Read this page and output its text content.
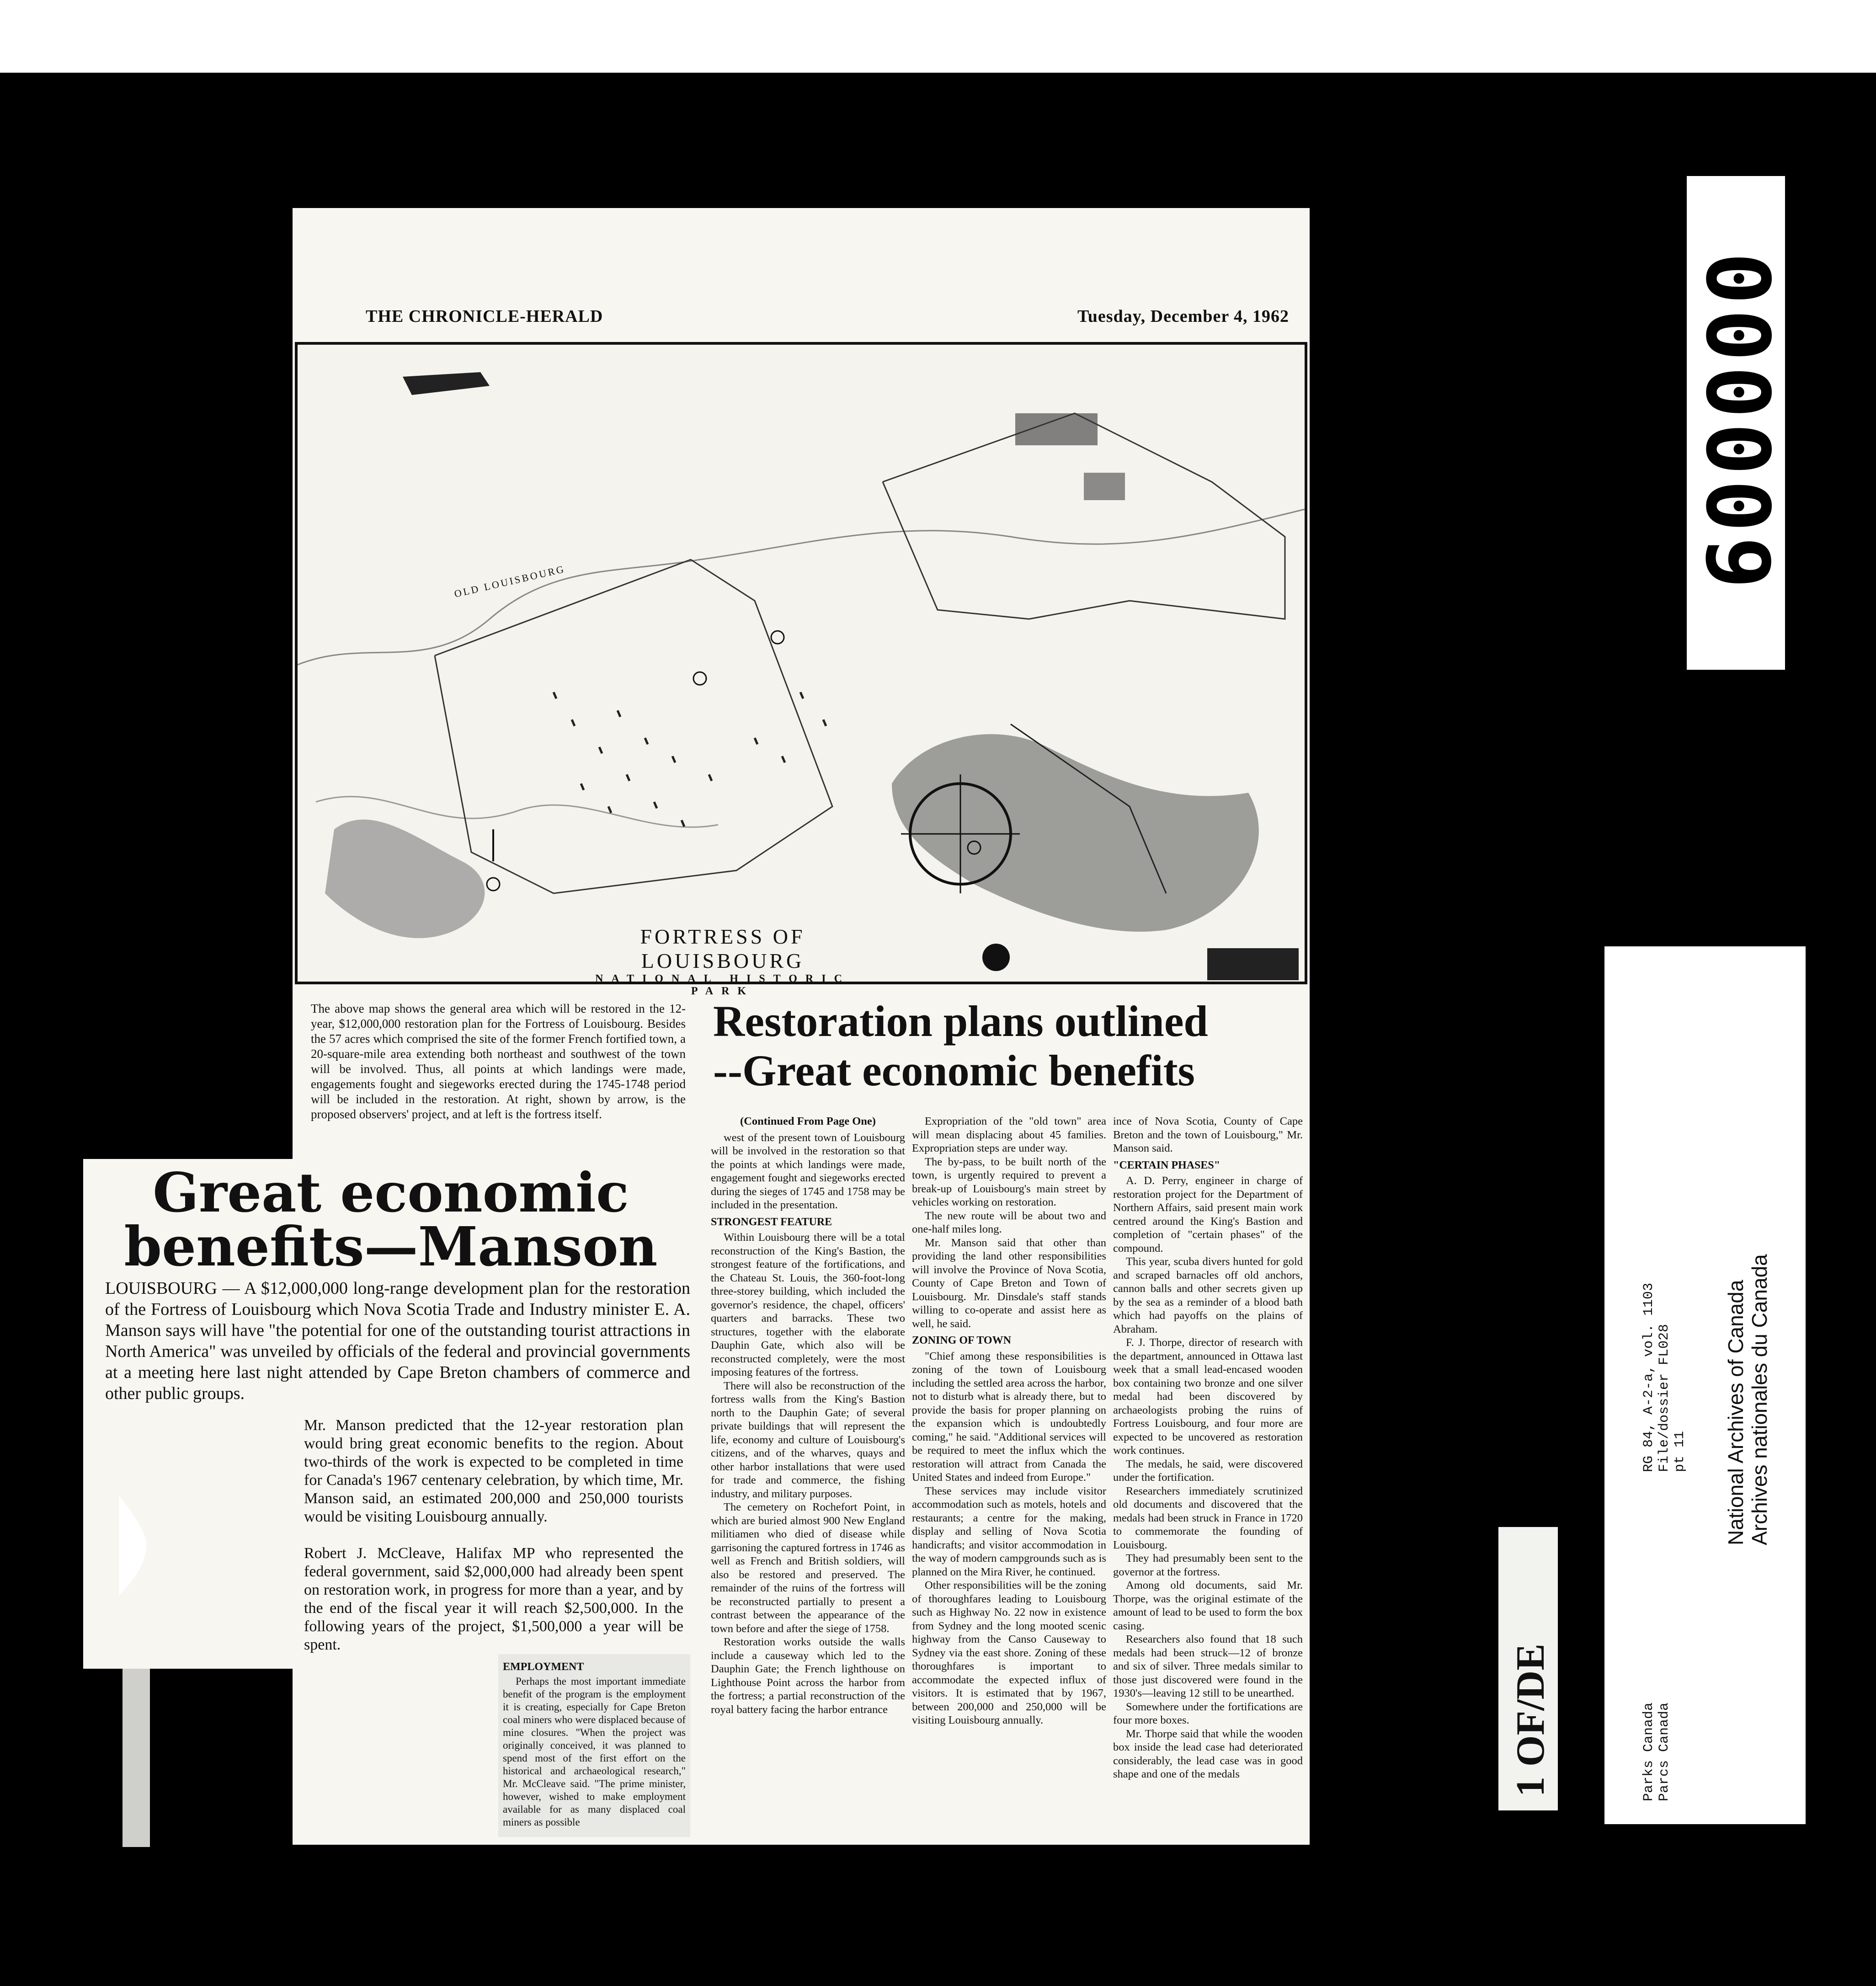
THE CHRONICLE-HERALD	Tuesday, December 4, 1962
OLD LOUISBOURG
FORTRESS OF LOUISBOURG
NATIONAL HISTORIC PARK
The above map shows the general area which will be restored in the 12-year, $12,000,000 restoration plan for the Fortress of Louisbourg. Besides the 57 acres which comprised the site of the former French fortified town, a 20-square-mile area extending both northeast and southwest of the town will be involved. Thus, all points at which landings were made, engagements fought and siegeworks erected during the 1745-1748 period will be included in the restoration. At right, shown by arrow, is the proposed observers' project, and at left is the fortress itself.
Restoration plans outlined
--Great economic benefits

(Continued From Page One)

west of the present town of Louisbourg will be involved in the restoration so that the points at which landings were made, engagement fought and siegeworks erected during the sieges of 1745 and 1758 may be included in the presentation.

STRONGEST FEATURE

Within Louisbourg there will be a total reconstruction of the King's Bastion, the strongest feature of the fortifications, and the Chateau St. Louis, the 360-foot-long three-storey building, which included the governor's residence, the chapel, officers' quarters and barracks. These two structures, together with the elaborate Dauphin Gate, which also will be reconstructed completely, were the most imposing features of the fortress.

There will also be reconstruction of the fortress walls from the King's Bastion north to the Dauphin Gate; of several private buildings that will represent the life, economy and culture of Louisbourg's citizens, and of the wharves, quays and other harbor installations that were used for trade and commerce, the fishing industry, and military purposes.

The cemetery on Rochefort Point, in which are buried almost 900 New England militiamen who died of disease while garrisoning the captured fortress in 1746 as well as French and British soldiers, will also be restored and preserved. The remainder of the ruins of the fortress will be reconstructed partially to present a contrast between the appearance of the town before and after the siege of 1758.

Restoration works outside the walls include a causeway which led to the Dauphin Gate; the French lighthouse on Lighthouse Point across the harbor from the fortress; a partial reconstruction of the royal battery facing the harbor entrance

Expropriation of the "old town" area will mean displacing about 45 families. Expropriation steps are under way.

The by-pass, to be built north of the town, is urgently required to prevent a break-up of Louisbourg's main street by vehicles working on restoration.

The new route will be about two and one-half miles long.

Mr. Manson said that other than providing the land other responsibilities will involve the Province of Nova Scotia, County of Cape Breton and Town of Louisbourg. Mr. Dinsdale's staff stands willing to co-operate and assist here as well, he said.

ZONING OF TOWN

"Chief among these responsibilities is zoning of the town of Louisbourg including the settled area across the harbor, not to disturb what is already there, but to provide the basis for proper planning on the expansion which is undoubtedly coming," he said. "Additional services will be required to meet the influx which the restoration will attract from Canada the United States and indeed from Europe."

These services may include visitor accommodation such as motels, hotels and restaurants; a centre for the making, display and selling of Nova Scotia handicrafts; and visitor accommodation in the way of modern campgrounds such as is planned on the Mira River, he continued.

Other responsibilities will be the zoning of thoroughfares leading to Louisbourg such as Highway No. 22 now in existence from Sydney and the long mooted scenic highway from the Canso Causeway to Sydney via the east shore. Zoning of these thoroughfares is important to accommodate the expected influx of visitors. It is estimated that by 1967, between 200,000 and 250,000 will be visiting Louisbourg annually.

ince of Nova Scotia, County of Cape Breton and the town of Louisbourg," Mr. Manson said.

"CERTAIN PHASES"

A. D. Perry, engineer in charge of restoration project for the Department of Northern Affairs, said present main work centred around the King's Bastion and completion of "certain phases" of the compound.

This year, scuba divers hunted for gold and scraped barnacles off old anchors, cannon balls and other secrets given up by the sea as a reminder of a blood bath which had payoffs on the plains of Abraham.

F. J. Thorpe, director of research with the department, announced in Ottawa last week that a small lead-encased wooden box containing two bronze and one silver medal had been discovered by archaeologists probing the ruins of Fortress Louisbourg, and four more are expected to be uncovered as restoration work continues.

The medals, he said, were discovered under the fortification.

Researchers immediately scrutinized old documents and discovered that the medals had been struck in France in 1720 to commemorate the founding of Louisbourg.

They had presumably been sent to the governor at the fortress.

Among old documents, said Mr. Thorpe, was the original estimate of the amount of lead to be used to form the box casing.

Researchers also found that 18 such medals had been struck—12 of bronze and six of silver. Three medals similar to those just discovered were found in the 1930's—leaving 12 still to be unearthed.

Somewhere under the fortifications are four more boxes.

Mr. Thorpe said that while the wooden box inside the lead case had deteriorated considerably, the lead case was in good shape and one of the medals

Great economic
benefits—Manson
LOUISBOURG — A $12,000,000 long-range development plan for the restoration of the Fortress of Louisbourg which Nova Scotia Trade and Industry minister E. A. Manson says will have "the potential for one of the outstanding tourist attractions in North America" was unveiled by officials of the federal and provincial governments at a meeting here last night attended by Cape Breton chambers of commerce and other public groups.
Mr. Manson predicted that the 12-year restoration plan would bring great economic benefits to the region. About two-thirds of the work is expected to be completed in time for Canada's 1967 centenary celebration, by which time, Mr. Manson said, an estimated 200,000 and 250,000 tourists would be visiting Louisbourg annually.
Robert J. McCleave, Halifax MP who represented the federal government, said $2,000,000 had already been spent on restoration work, in progress for more than a year, and by the end of the fiscal year it will reach $2,500,000. In the following years of the project, $1,500,000 a year will be spent.

EMPLOYMENT

Perhaps the most important immediate benefit of the program is the employment it is creating, especially for Cape Breton coal miners who were displaced because of mine closures. "When the project was originally conceived, it was planned to spend most of the first effort on the historical and archaeological research," Mr. McCleave said. "The prime minister, however, wished to make employment available for as many displaced coal miners as possible

000009
Parks Canada Parcs Canada
RG 84, A-2-a, vol. 1103 File/dossier FL028 pt 11 National Archives of Canada Archives nationales du Canada
1 OF/DE
